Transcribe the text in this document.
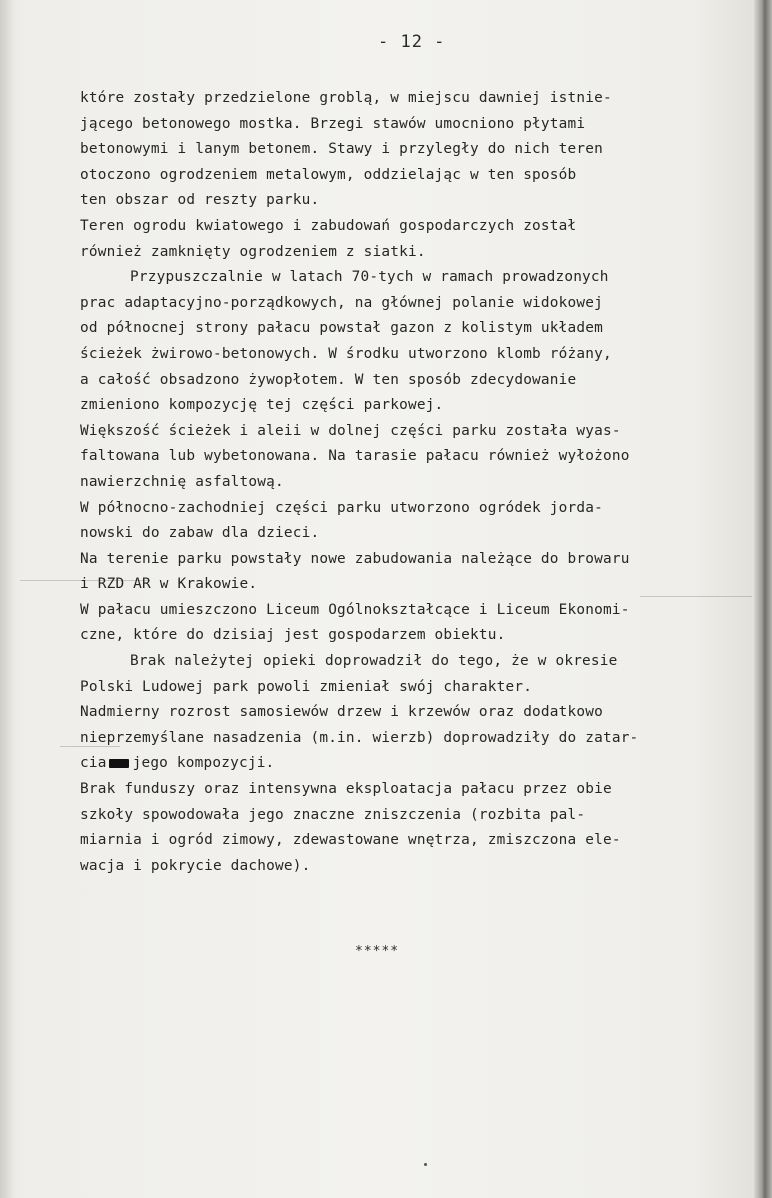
- 12 -
które zostały przedzielone groblą, w miejscu dawniej istnie-
jącego betonowego mostka. Brzegi stawów umocniono płytami
betonowymi i lanym betonem. Stawy i przyległy do nich teren
otoczono ogrodzeniem metalowym, oddzielając w ten sposób
ten obszar od reszty parku.
Teren ogrodu kwiatowego i zabudowań gospodarczych został
również zamknięty ogrodzeniem z siatki.
Przypuszczalnie w latach 70-tych w ramach prowadzonych
prac adaptacyjno-porządkowych, na głównej polanie widokowej
od północnej strony pałacu powstał gazon z kolistym układem
ścieżek żwirowo-betonowych. W środku utworzono klomb różany,
a całość obsadzono żywopłotem. W ten sposób zdecydowanie
zmieniono kompozycję tej części parkowej.
Większość ścieżek i aleii w dolnej części parku została wyas-
faltowana lub wybetonowana. Na tarasie pałacu również wyłożono
nawierzchnię asfaltową.
W północno-zachodniej części parku utworzono ogródek jorda-
nowski do zabaw dla dzieci.
Na terenie parku powstały nowe zabudowania należące do browaru
i RZD AR w Krakowie.
W pałacu umieszczono Liceum Ogólnokształcące i Liceum Ekonomi-
czne, które do dzisiaj jest gospodarzem obiektu.
Brak należytej opieki doprowadził do tego, że w okresie
Polski Ludowej park powoli zmieniał swój charakter.
Nadmierny rozrost samosiewów drzew i krzewów oraz dodatkowo
nieprzemyślane nasadzenia (m.in. wierzb) doprowadziły do zatar-
cia jego kompozycji.
Brak funduszy oraz intensywna eksploatacja pałacu przez obie
szkoły spowodowała jego znaczne zniszczenia (rozbita pal-
miarnia i ogród zimowy, zdewastowane wnętrza, zmiszczona ele-
wacja i pokrycie dachowe).
*****
